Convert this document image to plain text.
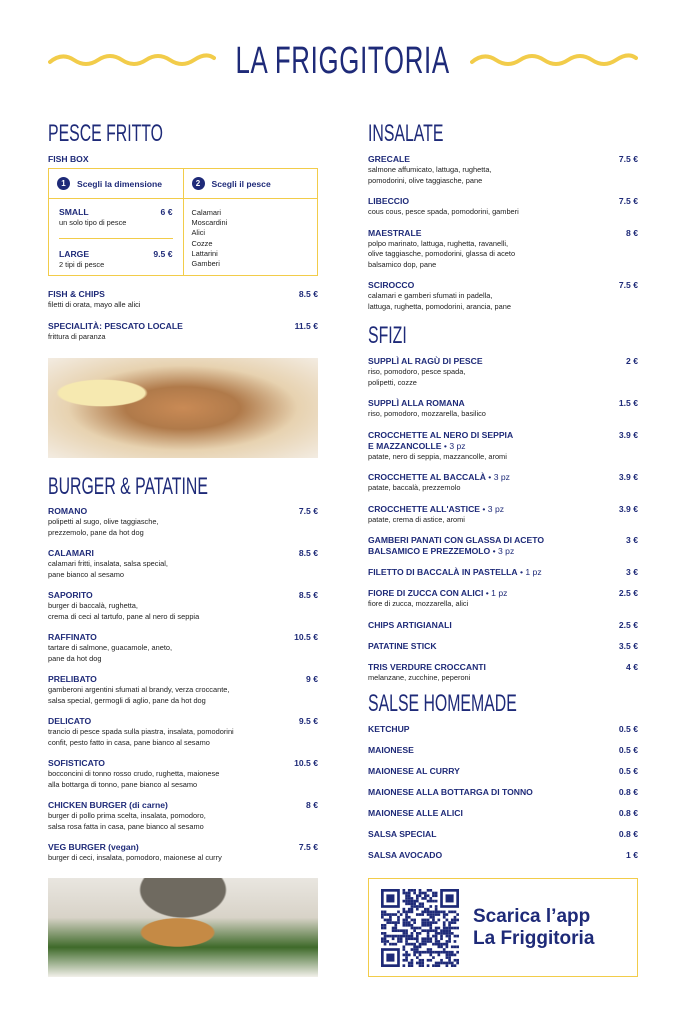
LA FRIGGITORIA
PESCE FRITTO
FISH BOX
1	Scegli la dimensione
SMALL	6 €
un solo tipo di pesce
LARGE	9.5 €
2 tipi di pesce
2	Scegli il pesce
Calamari
Moscardini
Alici
Cozze
Lattarini
Gamberi
FISH & CHIPS	8.5 €
filetti di orata, mayo alle alici
SPECIALITÀ: PESCATO LOCALE	11.5 €
frittura di paranza
BURGER & PATATINE
ROMANO	7.5 €
polipetti al sugo, olive taggiasche,
prezzemolo, pane da hot dog
CALAMARI	8.5 €
calamari fritti, insalata, salsa special,
pane bianco al sesamo
SAPORITO	8.5 €
burger di baccalà, rughetta,
crema di ceci al tartufo, pane al nero di seppia
RAFFINATO	10.5 €
tartare di salmone, guacamole, aneto,
pane da hot dog
PRELIBATO	9 €
gamberoni argentini sfumati al brandy, verza croccante,
salsa special, germogli di aglio, pane da hot dog
DELICATO	9.5 €
trancio di pesce spada sulla piastra, insalata, pomodorini
confit, pesto fatto in casa, pane bianco al sesamo
SOFISTICATO	10.5 €
bocconcini di tonno rosso crudo, rughetta, maionese
alla bottarga di tonno, pane bianco al sesamo
CHICKEN BURGER (di carne)	8 €
burger di pollo prima scelta, insalata, pomodoro,
salsa rosa fatta in casa, pane bianco al sesamo
VEG BURGER (vegan)	7.5 €
burger di ceci, insalata, pomodoro, maionese al curry
INSALATE
GRECALE	7.5 €
salmone affumicato, lattuga, rughetta,
pomodorini, olive taggiasche, pane
LIBECCIO	7.5 €
cous cous, pesce spada, pomodorini, gamberi
MAESTRALE	8 €
polpo marinato, lattuga, rughetta, ravanelli,
olive taggiasche, pomodorini, glassa di aceto
balsamico dop, pane
SCIROCCO	7.5 €
calamari e gamberi sfumati in padella,
lattuga, rughetta, pomodorini, arancia, pane
SFIZI
SUPPLÌ AL RAGÙ DI PESCE	2 €
riso, pomodoro, pesce spada,
polipetti, cozze
SUPPLÌ ALLA ROMANA	1.5 €
riso, pomodoro, mozzarella, basilico
CROCCHETTE AL NERO DI SEPPIA
E MAZZANCOLLE • 3 pz
3.9 €
patate, nero di seppia, mazzancolle, aromi
CROCCHETTE AL BACCALÀ • 3 pz	3.9 €
patate, baccalà, prezzemolo
CROCCHETTE ALL'ASTICE • 3 pz	3.9 €
patate, crema di astice, aromi
GAMBERI PANATI CON GLASSA DI ACETO
BALSAMICO E PREZZEMOLO • 3 pz
3 €
FILETTO DI BACCALÀ IN PASTELLA • 1 pz	3 €
FIORE DI ZUCCA CON ALICI • 1 pz	2.5 €
fiore di zucca, mozzarella, alici
CHIPS ARTIGIANALI	2.5 €
PATATINE STICK	3.5 €
TRIS VERDURE CROCCANTI	4 €
melanzane, zucchine, peperoni
SALSE HOMEMADE
KETCHUP	0.5 €
MAIONESE	0.5 €
MAIONESE AL CURRY	0.5 €
MAIONESE ALLA BOTTARGA DI TONNO	0.8 €
MAIONESE ALLE ALICI	0.8 €
SALSA SPECIAL	0.8 €
SALSA AVOCADO	1 €
Scarica l’app
La Friggitoria
